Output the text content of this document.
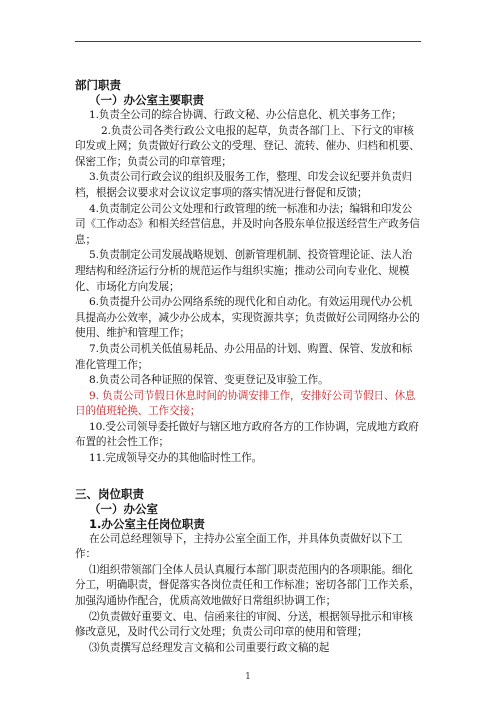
部门职责
（一）办公室主要职责
1.负责全公司的综合协调、行政文秘、办公信息化、机关事务工作；
2.负责公司各类行政公文电报的起草，负责各部门上、下行文的审核印发或上网；负责做好行政公文的受理、登记、流转、催办、归档和机要、保密工作；负责公司的印章管理；
3.负责公司行政会议的组织及服务工作，整理、印发会议纪要并负责归档，根据会议要求对会议议定事项的落实情况进行督促和反馈；
4.负责制定公司公文处理和行政管理的统一标准和办法；编辑和印发公司《工作动态》和相关经营信息，并及时向各股东单位报送经营生产政务信息；
5.负责制定公司发展战略规划、创新管理机制、投资管理论证、法人治理结构和经济运行分析的规范运作与组织实施；推动公司向专业化、规模化、市场化方向发展；
6.负责提升公司办公网络系统的现代化和自动化。有效运用现代办公机具提高办公效率，减少办公成本，实现资源共享；负责做好公司网络办公的使用、维护和管理工作；
7.负责公司机关低值易耗品、办公用品的计划、购置、保管、发放和标准化管理工作；
8.负责公司各种证照的保管、变更登记及审验工作。
9. 负责公司节假日休息时间的协调安排工作，安排好公司节假日、休息日的值班轮换、工作交接；
10.受公司领导委托做好与辖区地方政府各方的工作协调，完成地方政府布置的社会性工作；
11.完成领导交办的其他临时性工作。
三、岗位职责
（一）办公室
1.办公室主任岗位职责
在公司总经理领导下，主持办公室全面工作，并具体负责做好以下工作：
⑴组织带领部门全体人员认真履行本部门职责范围内的各项职能。细化分工，明确职责，督促落实各岗位责任和工作标准；密切各部门工作关系，加强沟通协作配合，优质高效地做好日常组织协调工作；
⑵负责做好重要文、电、信函来往的审阅、分送，根据领导批示和审核修改意见，及时代公司行文处理；负责公司印章的使用和管理；
⑶负责撰写总经理发言文稿和公司重要行政文稿的起
1
